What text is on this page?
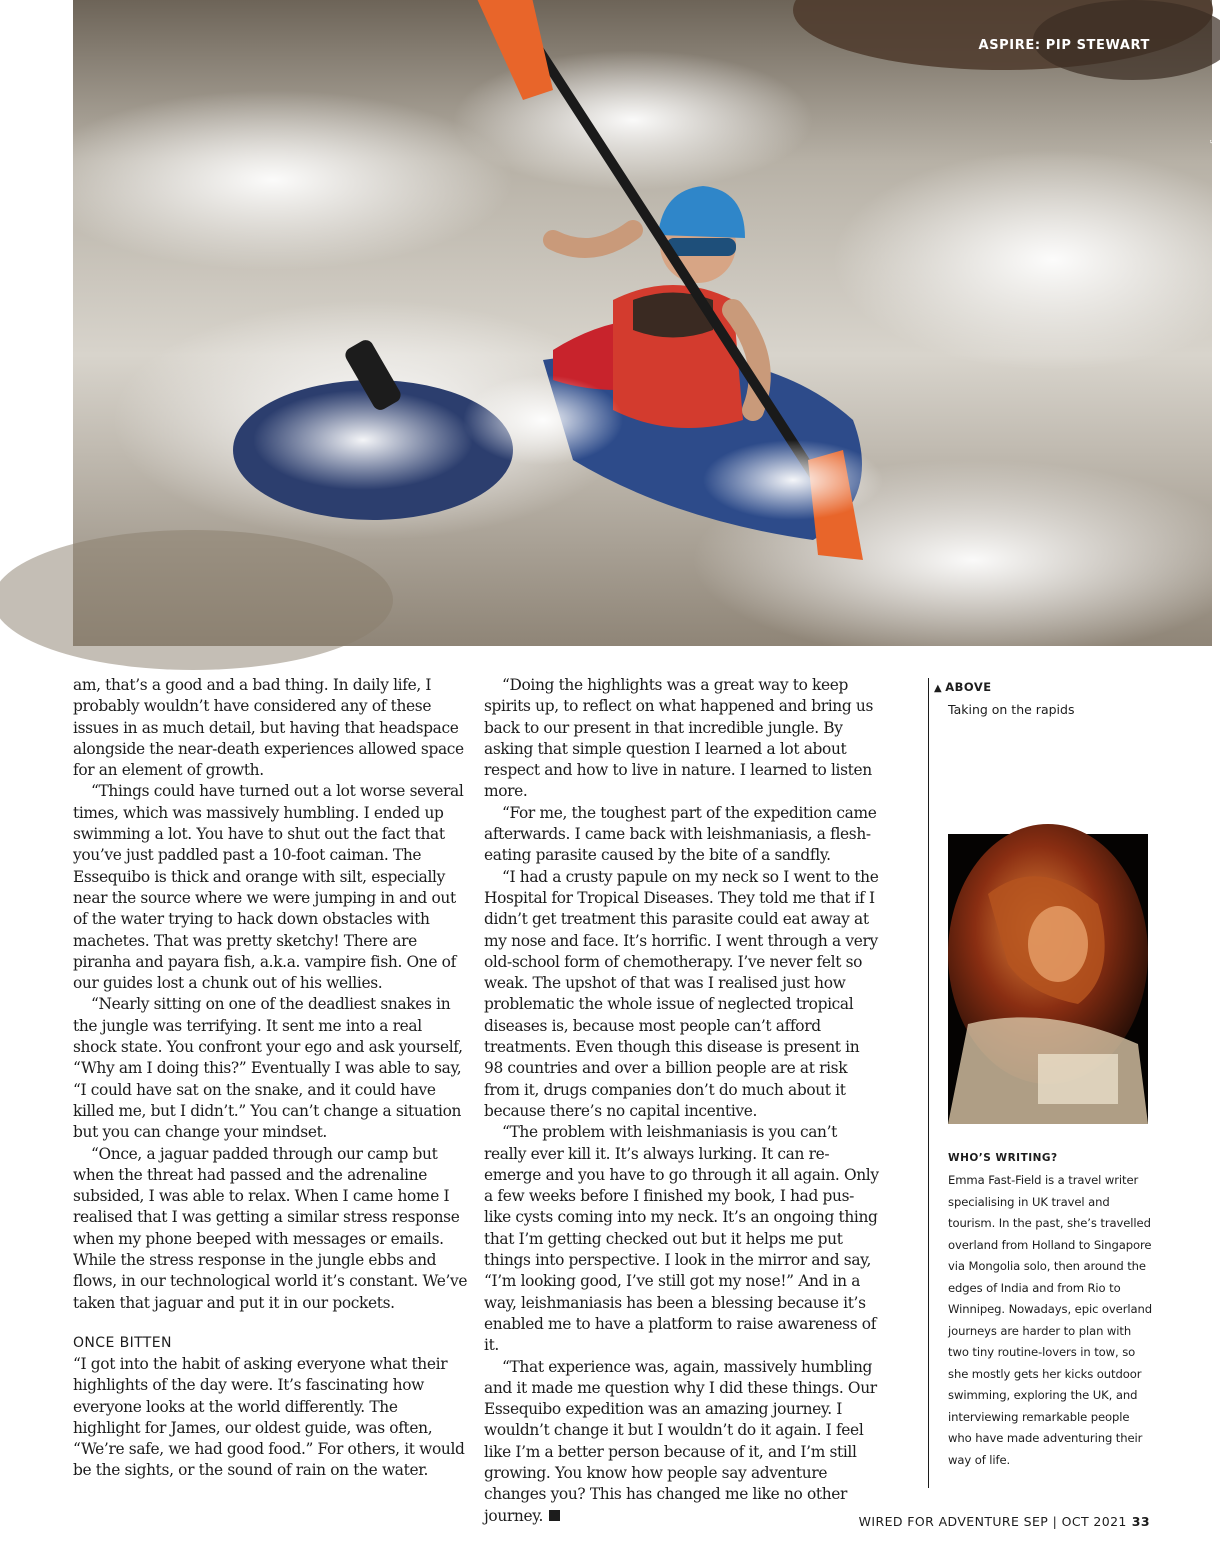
ASPIRE: PIP STEWART
PHOTO: Jon Williams

am, that’s a good and a bad thing. In daily life, I probably wouldn’t have considered any of these issues in as much detail, but having that headspace alongside the near-death experiences allowed space for an element of growth.

“Things could have turned out a lot worse several times, which was massively humbling. I ended up swimming a lot. You have to shut out the fact that you’ve just paddled past a 10-foot caiman. The Essequibo is thick and orange with silt, especially near the source where we were jumping in and out of the water trying to hack down obstacles with machetes. That was pretty sketchy! There are piranha and payara fish, a.k.a. vampire fish. One of our guides lost a chunk out of his wellies.

“Nearly sitting on one of the deadliest snakes in the jungle was terrifying. It sent me into a real shock state. You confront your ego and ask yourself, “Why am I doing this?” Eventually I was able to say, “I could have sat on the snake, and it could have killed me, but I didn’t.” You can’t change a situation but you can change your mindset.

“Once, a jaguar padded through our camp but when the threat had passed and the adrenaline subsided, I was able to relax. When I came home I realised that I was getting a similar stress response when my phone beeped with messages or emails. While the stress response in the jungle ebbs and flows, in our technological world it’s constant. We’ve taken that jaguar and put it in our pockets.

ONCE BITTEN

“I got into the habit of asking everyone what their highlights of the day were. It’s fascinating how everyone looks at the world differently. The highlight for James, our oldest guide, was often, “We’re safe, we had good food.” For others, it would be the sights, or the sound of rain on the water.

“Doing the highlights was a great way to keep spirits up, to reflect on what happened and bring us back to our present in that incredible jungle. By asking that simple question I learned a lot about respect and how to live in nature. I learned to listen more.

“For me, the toughest part of the expedition came afterwards. I came back with leishmaniasis, a flesh-eating parasite caused by the bite of a sandfly.

“I had a crusty papule on my neck so I went to the Hospital for Tropical Diseases. They told me that if I didn’t get treatment this parasite could eat away at my nose and face. It’s horrific. I went through a very old-school form of chemotherapy. I’ve never felt so weak. The upshot of that was I realised just how problematic the whole issue of neglected tropical diseases is, because most people can’t afford treatments. Even though this disease is present in 98 countries and over a billion people are at risk from it, drugs companies don’t do much about it because there’s no capital incentive.

“The problem with leishmaniasis is you can’t really ever kill it. It’s always lurking. It can re-emerge and you have to go through it all again. Only a few weeks before I finished my book, I had pus-like cysts coming into my neck. It’s an ongoing thing that I’m getting checked out but it helps me put things into perspective. I look in the mirror and say, “I’m looking good, I’ve still got my nose!” And in a way, leishmaniasis has been a blessing because it’s enabled me to have a platform to raise awareness of it.

“That experience was, again, massively humbling and it made me question why I did these things. Our Essequibo expedition was an amazing journey. I wouldn’t change it but I wouldn’t do it again. I feel like I’m a better person because of it, and I’m still growing. You know how people say adventure changes you? This has changed me like no other journey.

▲ ABOVE
Taking on the rapids
WHO’S WRITING?
Emma Fast-Field is a travel writer specialising in UK travel and tourism. In the past, she’s travelled overland from Holland to Singapore via Mongolia solo, then around the edges of India and from Rio to Winnipeg. Nowadays, epic overland journeys are harder to plan with two tiny routine-lovers in tow, so she mostly gets her kicks outdoor swimming, exploring the UK, and interviewing remarkable people who have made adventuring their way of life.
WIRED FOR ADVENTURE SEP | OCT 2021 33
